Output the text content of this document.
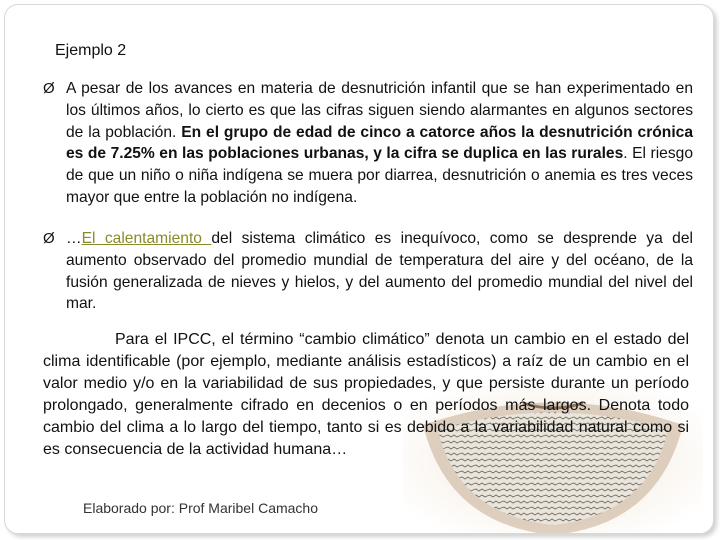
Ejemplo 2
Ø A pesar de los avances en materia de desnutrición infantil que se han experimentado en los últimos años, lo cierto es que las cifras siguen siendo alarmantes en algunos sectores de la población. En el grupo de edad de cinco a catorce años la desnutrición crónica es de 7.25% en las poblaciones urbanas, y la cifra se duplica en las rurales. El riesgo de que un niño o niña indígena se muera por diarrea, desnutrición o anemia es tres veces mayor que entre la población no indígena.
Ø …El calentamiento del sistema climático es inequívoco, como se desprende ya del aumento observado del promedio mundial de temperatura del aire y del océano, de la fusión generalizada de nieves y hielos, y del aumento del promedio mundial del nivel del mar.
Para el IPCC, el término “cambio climático” denota un cambio en el estado del clima identificable (por ejemplo, mediante análisis estadísticos) a raíz de un cambio en el valor medio y/o en la variabilidad de sus propiedades, y que persiste durante un período prolongado, generalmente cifrado en decenios o en períodos más largos. Denota todo cambio del clima a lo largo del tiempo, tanto si es debido a la variabilidad natural como si es consecuencia de la actividad humana…
Elaborado por: Prof Maribel Camacho
